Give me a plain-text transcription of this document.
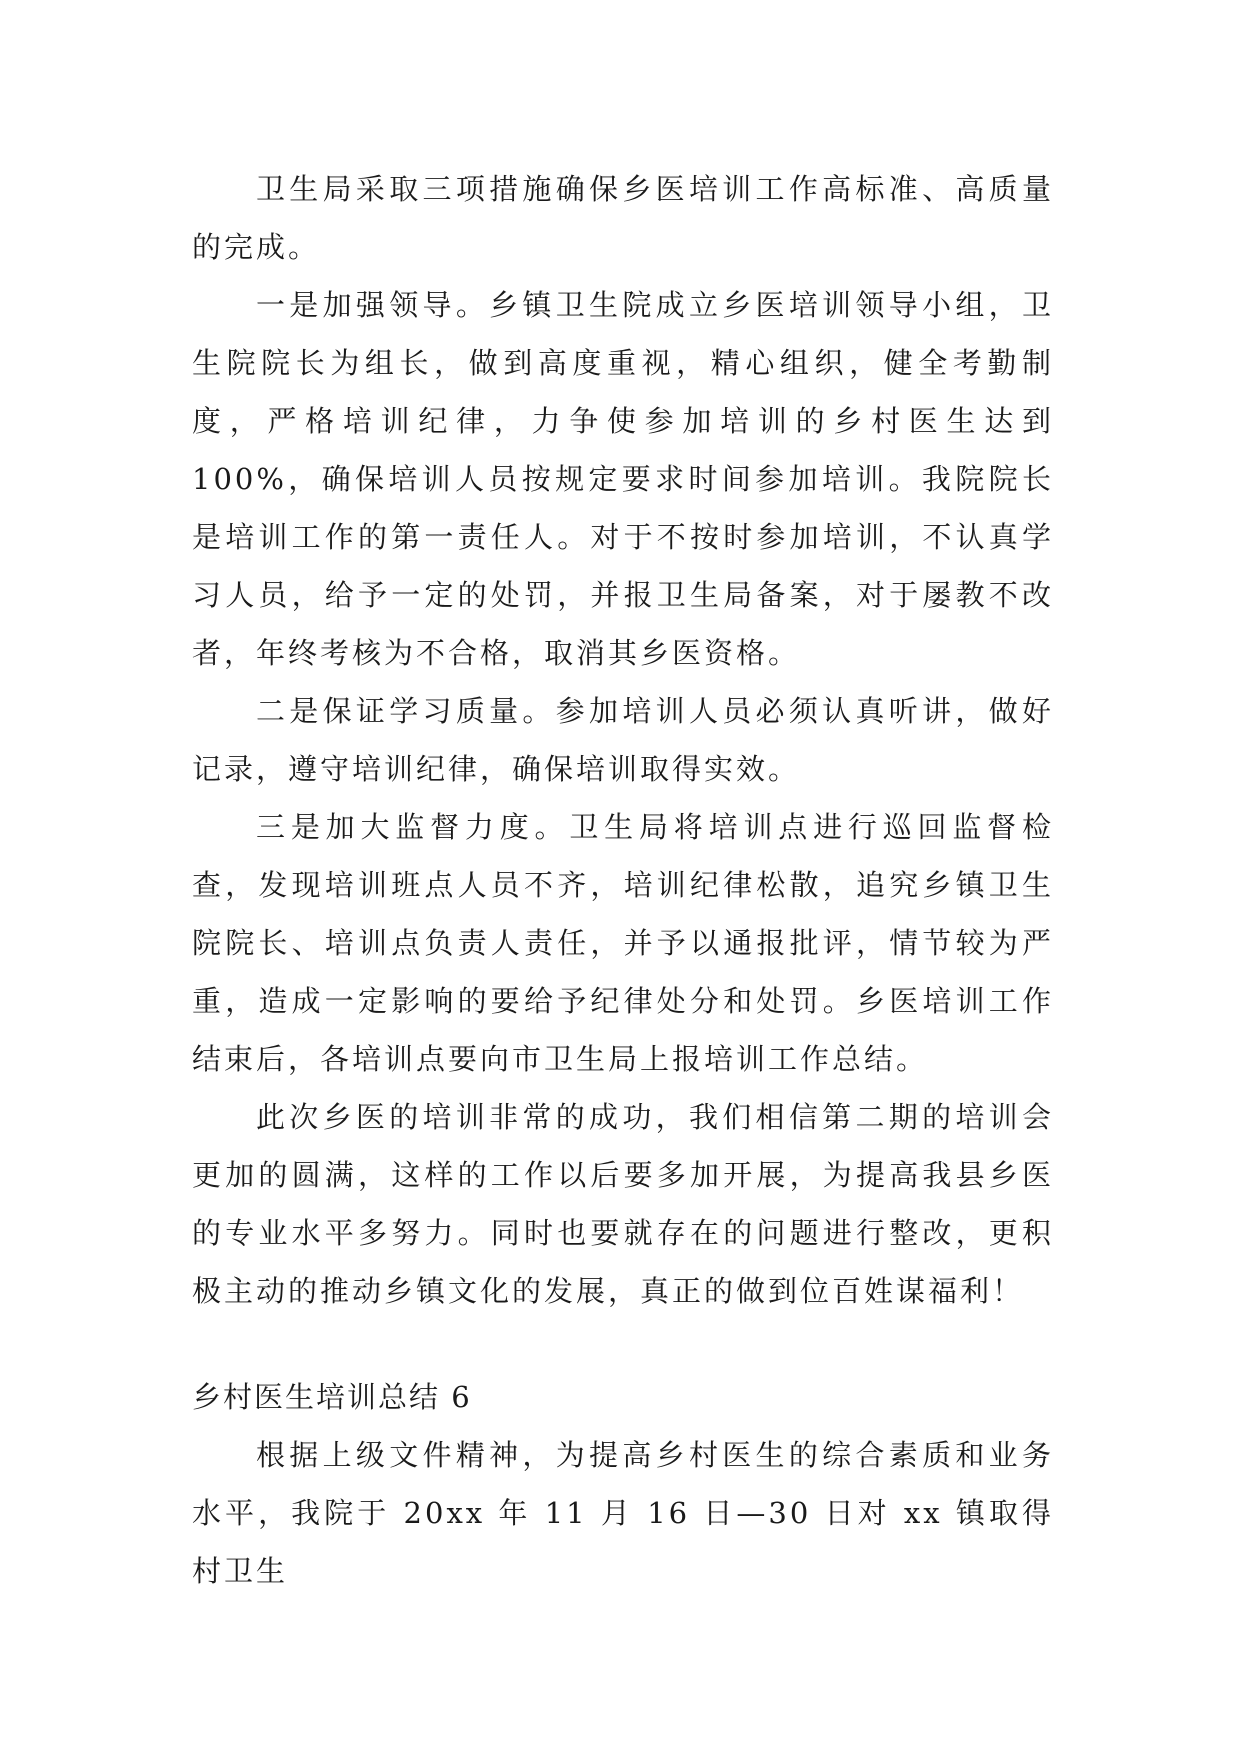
卫生局采取三项措施确保乡医培训工作高标准、高质量的完成。

一是加强领导。乡镇卫生院成立乡医培训领导小组，卫生院院长为组长，做到高度重视，精心组织，健全考勤制度，严格培训纪律，力争使参加培训的乡村医生达到100%，确保培训人员按规定要求时间参加培训。我院院长是培训工作的第一责任人。对于不按时参加培训，不认真学习人员，给予一定的处罚，并报卫生局备案，对于屡教不改者，年终考核为不合格，取消其乡医资格。

二是保证学习质量。参加培训人员必须认真听讲，做好记录，遵守培训纪律，确保培训取得实效。

三是加大监督力度。卫生局将培训点进行巡回监督检查，发现培训班点人员不齐，培训纪律松散，追究乡镇卫生院院长、培训点负责人责任，并予以通报批评，情节较为严重，造成一定影响的要给予纪律处分和处罚。乡医培训工作结束后，各培训点要向市卫生局上报培训工作总结。

此次乡医的培训非常的成功，我们相信第二期的培训会更加的圆满，这样的工作以后要多加开展，为提高我县乡医的专业水平多努力。同时也要就存在的问题进行整改，更积极主动的推动乡镇文化的发展，真正的做到位百姓谋福利！

乡村医生培训总结 6

根据上级文件精神，为提高乡村医生的综合素质和业务水平，我院于 20xx 年 11 月 16 日—30 日对 xx 镇取得村卫生
